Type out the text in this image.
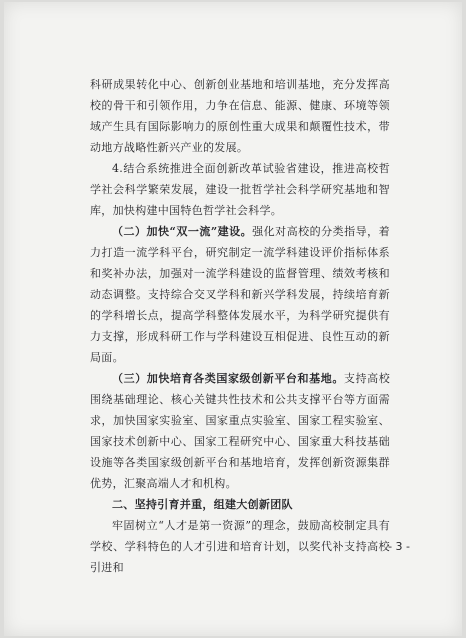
科研成果转化中心、创新创业基地和培训基地，充分发挥高校的骨干和引领作用，力争在信息、能源、健康、环境等领域产生具有国际影响力的原创性重大成果和颠覆性技术，带动地方战略性新兴产业的发展。

4.结合系统推进全面创新改革试验省建设，推进高校哲学社会科学繁荣发展，建设一批哲学社会科学研究基地和智库，加快构建中国特色哲学社会科学。

（二）加快“双一流”建设。强化对高校的分类指导，着力打造一流学科平台，研究制定一流学科建设评价指标体系和奖补办法，加强对一流学科建设的监督管理、绩效考核和动态调整。支持综合交叉学科和新兴学科发展，持续培育新的学科增长点，提高学科整体发展水平，为科学研究提供有力支撑，形成科研工作与学科建设互相促进、良性互动的新局面。

（三）加快培育各类国家级创新平台和基地。支持高校围绕基础理论、核心关键共性技术和公共支撑平台等方面需求，加快国家实验室、国家重点实验室、国家工程实验室、国家技术创新中心、国家工程研究中心、国家重大科技基础设施等各类国家级创新平台和基地培育，发挥创新资源集群优势，汇聚高端人才和机构。

二、坚持引育并重，组建大创新团队

牢固树立“人才是第一资源”的理念，鼓励高校制定具有学校、学科特色的人才引进和培育计划，以奖代补支持高校引进和

- 3 -
